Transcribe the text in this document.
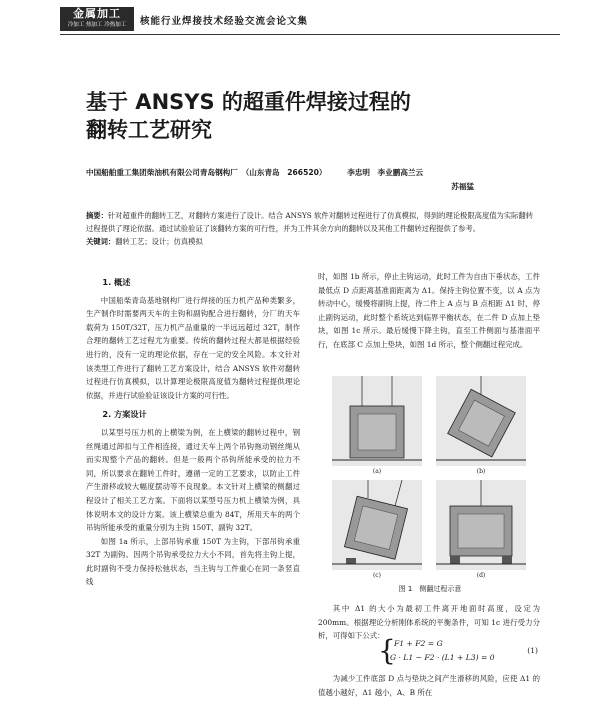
金属加工
冷加工 热加工 冷热加工	核能行业焊接技术经验交流会论文集
基于 ANSYS 的超重件焊接过程的
翻转工艺研究
中国船舶重工集团柴油机有限公司青岛钢构厂　（山东青岛　266520）	李忠明　李业鹏高兰云
苏福猛
摘要：针对超重件的翻转工艺，对翻转方案进行了设计。结合 ANSYS 软件对翻转过程进行了仿真模拟，得到的理论极限高度值为实际翻转过程提供了理论依据。通过试验验证了该翻转方案的可行性，并为工件其余方向的翻转以及其他工件翻转过程提供了参考。
关键词：翻转工艺；设计；仿真模拟
1. 概述

中国船柴青岛基地钢构厂进行焊接的压力机产品种类繁多，生产制作时需要两天车的主钩和副钩配合进行翻转，分厂的天车载荷为 150T/32T，压力机产品重量的一半远远超过 32T，制作合理的翻转工艺过程尤为重要。传统的翻转过程大都是根据经验进行的，没有一定的理论依据，存在一定的安全风险。本文针对该类型工件进行了翻转工艺方案设计，结合 ANSYS 软件对翻转过程进行仿真模拟，以计算理论极限高度值为翻转过程提供理论依据，并进行试验验证该设计方案的可行性。

2. 方案设计

以某型号压力机的上横梁为例，在上横梁的翻转过程中，钢丝绳通过卸扣与工件相连接，通过天车上两个吊钩拖动钢丝绳从而实现整个产品的翻转。但是一般两个吊钩所能承受的拉力不同，所以要求在翻转工件时，遵循一定的工艺要求，以防止工件产生滑移或较大幅度摆动等不良现象。本文针对上横梁的侧翻过程设计了相关工艺方案。下面将以某型号压力机上横梁为例，具体说明本文的设计方案。该上横梁总重为 84T，所用天车的两个吊钩所能承受的重量分别为主钩 150T、副钩 32T。

如图 1a 所示，上部吊钩承重 150T 为主钩，下部吊钩承重 32T 为副钩。因两个吊钩承受拉力大小不同，首先将主钩上提，此时副钩不受力保持松弛状态，当主钩与工件重心在同一条竖直线

时，如图 1b 所示，停止主钩运动，此时工件为自由下垂状态，工件最低点 D 点距离基准面距离为 Δ1。保持主钩位置不变，以 A 点为转动中心，缓慢将副钩上提，待二件上 A 点与 B 点相距 Δ1 时，停止副钩运动，此时整个系统达到临界平衡状态，在二件 D 点加上垫块，如图 1c 所示。最后缓慢下降主钩，直至工件侧面与基准面平行，在底部 C 点加上垫块，如图 1d 所示，整个侧翻过程完成。

(a)	(b)
(c)	(d)
图 1　侧翻过程示意

其中 Δ1 的大小为最初工件离开地面时高度，设定为 200mm。根据理论分析刚体系统的平衡条件，可知 1c 进行受力分析，可得如下公式：

{
F1 + F2 = G
G · L1 − F2 · (L1 + L3) = 0
(1)

为减少工件底部 D 点与垫块之间产生滑移的风险，应使 Δ1 的值越小越好，Δ1 越小，A、B 所在
